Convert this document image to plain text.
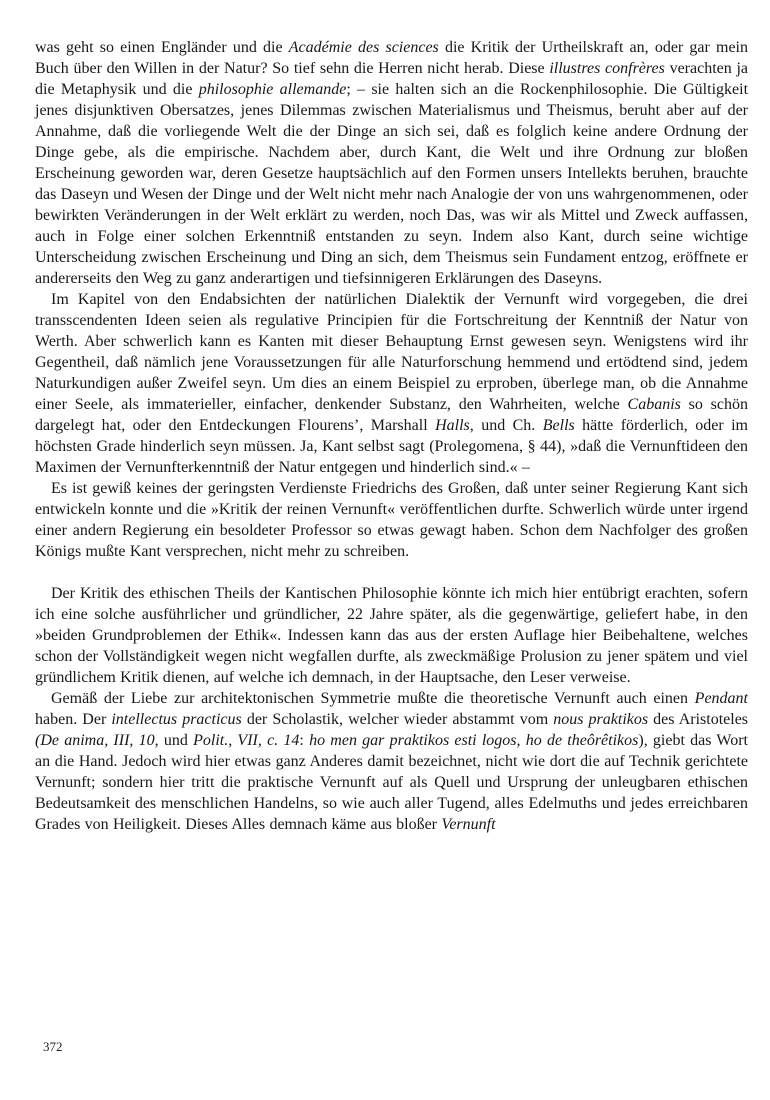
was geht so einen Engländer und die Académie des sciences die Kritik der Urtheilskraft an, oder gar mein Buch über den Willen in der Natur? So tief sehn die Herren nicht herab. Diese illustres confrères verachten ja die Metaphysik und die philosophie allemande; – sie halten sich an die Rockenphilosophie. Die Gültigkeit jenes disjunktiven Obersatzes, jenes Dilemmas zwischen Materialismus und Theismus, beruht aber auf der Annahme, daß die vorliegende Welt die der Dinge an sich sei, daß es folglich keine andere Ordnung der Dinge gebe, als die empirische. Nachdem aber, durch Kant, die Welt und ihre Ordnung zur bloßen Erscheinung geworden war, deren Gesetze hauptsächlich auf den Formen unsers Intellekts beruhen, brauchte das Daseyn und Wesen der Dinge und der Welt nicht mehr nach Analogie der von uns wahrgenommenen, oder bewirkten Veränderungen in der Welt erklärt zu werden, noch Das, was wir als Mittel und Zweck auffassen, auch in Folge einer solchen Erkenntniß entstanden zu seyn. Indem also Kant, durch seine wichtige Unterscheidung zwischen Erscheinung und Ding an sich, dem Theismus sein Fundament entzog, eröffnete er andererseits den Weg zu ganz anderartigen und tiefsinnigeren Erklärungen des Daseyns.

Im Kapitel von den Endabsichten der natürlichen Dialektik der Vernunft wird vorgegeben, die drei transscendenten Ideen seien als regulative Principien für die Fortschreitung der Kenntniß der Natur von Werth. Aber schwerlich kann es Kanten mit dieser Behauptung Ernst gewesen seyn. Wenigstens wird ihr Gegentheil, daß nämlich jene Voraussetzungen für alle Naturforschung hemmend und ertödtend sind, jedem Naturkundigen außer Zweifel seyn. Um dies an einem Beispiel zu erproben, überlege man, ob die Annahme einer Seele, als immaterieller, einfacher, denkender Substanz, den Wahrheiten, welche Cabanis so schön dargelegt hat, oder den Entdeckungen Flourens’, Marshall Halls, und Ch. Bells hätte förderlich, oder im höchsten Grade hinderlich seyn müssen. Ja, Kant selbst sagt (Prolegomena, § 44), »daß die Vernunftideen den Maximen der Vernunfterkenntniß der Natur entgegen und hinderlich sind.« –

Es ist gewiß keines der geringsten Verdienste Friedrichs des Großen, daß unter seiner Regierung Kant sich entwickeln konnte und die »Kritik der reinen Vernunft« veröffentlichen durfte. Schwerlich würde unter irgend einer andern Regierung ein besoldeter Professor so etwas gewagt haben. Schon dem Nachfolger des großen Königs mußte Kant versprechen, nicht mehr zu schreiben.

Der Kritik des ethischen Theils der Kantischen Philosophie könnte ich mich hier entübrigt erachten, sofern ich eine solche ausführlicher und gründlicher, 22 Jahre später, als die gegenwärtige, geliefert habe, in den »beiden Grundproblemen der Ethik«. Indessen kann das aus der ersten Auflage hier Beibehaltene, welches schon der Vollständigkeit wegen nicht wegfallen durfte, als zweckmäßige Prolusion zu jener spätem und viel gründlichem Kritik dienen, auf welche ich demnach, in der Hauptsache, den Leser verweise.

Gemäß der Liebe zur architektonischen Symmetrie mußte die theoretische Vernunft auch einen Pendant haben. Der intellectus practicus der Scholastik, welcher wieder abstammt vom nous praktikos des Aristoteles (De anima, III, 10, und Polit., VII, c. 14: ho men gar praktikos esti logos, ho de theôrêtikos), giebt das Wort an die Hand. Jedoch wird hier etwas ganz Anderes damit bezeichnet, nicht wie dort die auf Technik gerichtete Vernunft; sondern hier tritt die praktische Vernunft auf als Quell und Ursprung der unleugbaren ethischen Bedeutsamkeit des menschlichen Handelns, so wie auch aller Tugend, alles Edelmuths und jedes erreichbaren Grades von Heiligkeit. Dieses Alles demnach käme aus bloßer Vernunft

372
